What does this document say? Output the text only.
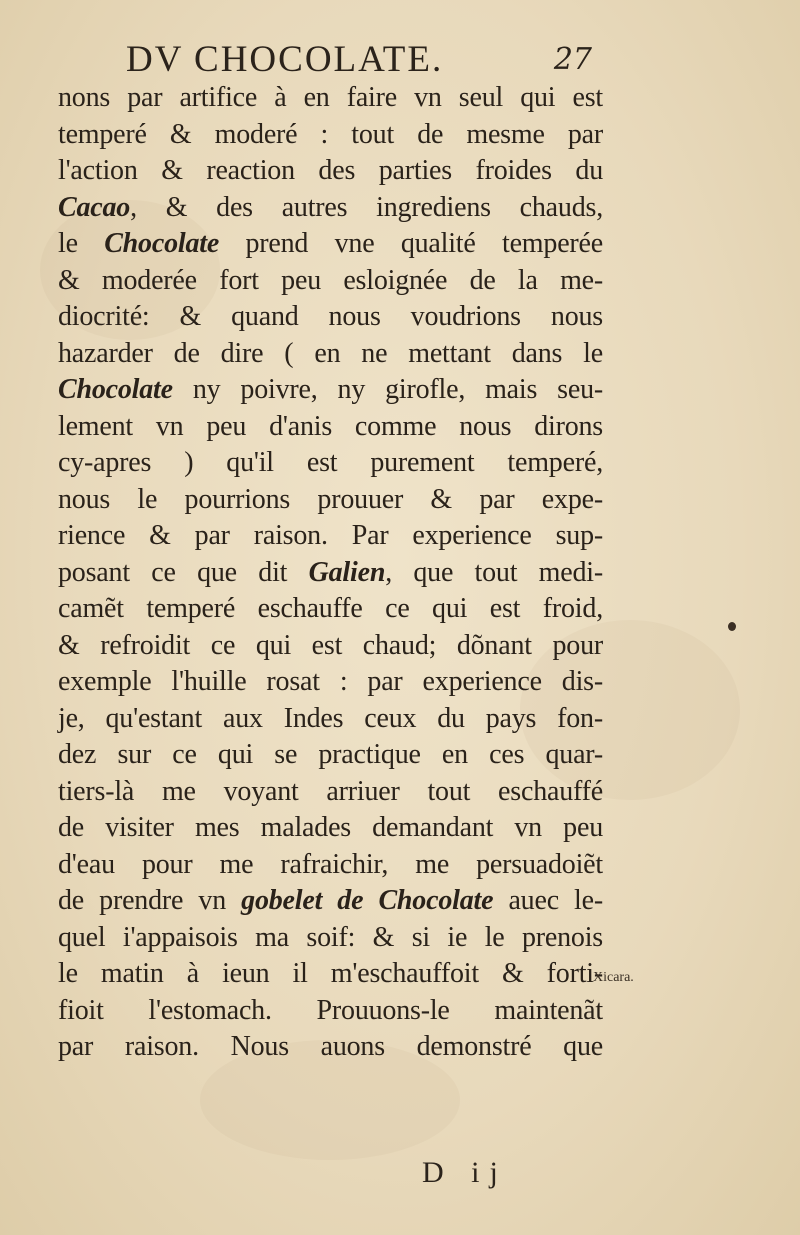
DV CHOCOLATE.	27
nons par artifice à en faire vn seul qui est
temperé & moderé : tout de mesme par
l'action & reaction des parties froides du
Cacao, & des autres ingrediens chauds,
le Chocolate prend vne qualité temperée
& moderée fort peu esloignée de la me-
diocrité: & quand nous voudrions nous
hazarder de dire ( en ne mettant dans le
Chocolate ny poivre, ny girofle, mais seu-
lement vn peu d'anis comme nous dirons
cy-apres ) qu'il est purement temperé,
nous le pourrions prouuer & par expe-
rience & par raison. Par experience sup-
posant ce que dit Galien, que tout medi-
camẽt temperé eschauffe ce qui est froid,
& refroidit ce qui est chaud; dõnant pour
exemple l'huille rosat : par experience dis-
je, qu'estant aux Indes ceux du pays fon-
dez sur ce qui se practique en ces quar-
tiers-là me voyant arriuer tout eschauffé
de visiter mes malades demandant vn peu
d'eau pour me rafraichir, me persuadoiẽt
de prendre vn gobelet de Chocolate auec le-
quel i'appaisois ma soif: & si ie le prenois
le matin à ieun il m'eschauffoit & forti-
fioit l'estomach. Prouuons-le maintenãt
par raison. Nous auons demonstré que
Xicara.
D ij
